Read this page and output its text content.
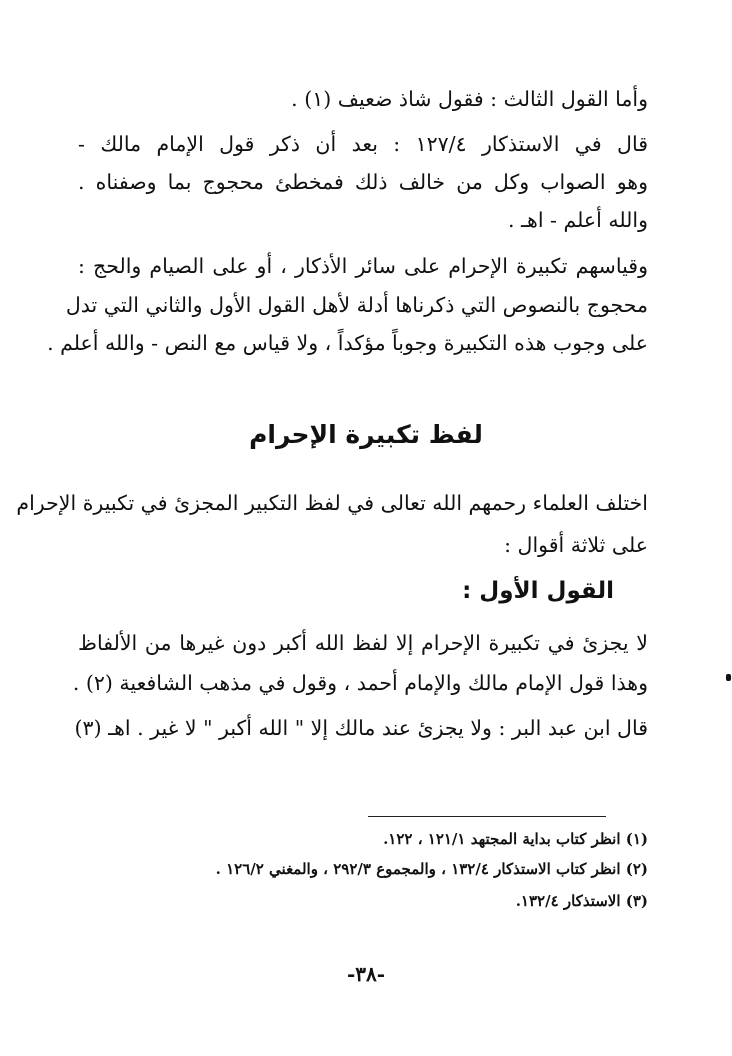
وأما القول الثالث : فقول شاذ ضعيف (١) .
قال في الاستذكار ١٢٧/٤ : بعد أن ذكر قول الإمام مالك -
وهو الصواب وكل من خالف ذلك فمخطئ محجوج بما وصفناه .
والله أعلم - اهـ .
وقياسهم تكبيرة الإحرام على سائر الأذكار ، أو على الصيام والحج :
محجوج بالنصوص التي ذكرناها أدلة لأهل القول الأول والثاني التي تدل
على وجوب هذه التكبيرة وجوباً مؤكداً ، ولا قياس مع النص - والله أعلم .
لفظ تكبيرة الإحرام
اختلف العلماء رحمهم الله تعالى في لفظ التكبير المجزئ في تكبيرة الإحرام
على ثلاثة أقوال :
القول الأول :
لا يجزئ في تكبيرة الإحرام إلا لفظ الله أكبر دون غيرها من الألفاظ
وهذا قول الإمام مالك والإمام أحمد ، وقول في مذهب الشافعية (٢) .
قال ابن عبد البر : ولا يجزئ عند مالك إلا " الله أكبر " لا غير . اهـ (٣)
(١) انظر كتاب بداية المجتهد ١٢١/١ ، ١٢٢.
(٢) انظر كتاب الاستذكار ١٣٢/٤ ، والمجموع ٢٩٢/٣ ، والمغني ١٢٦/٢ .
(٣) الاستذكار ١٣٢/٤.
-٣٨-
